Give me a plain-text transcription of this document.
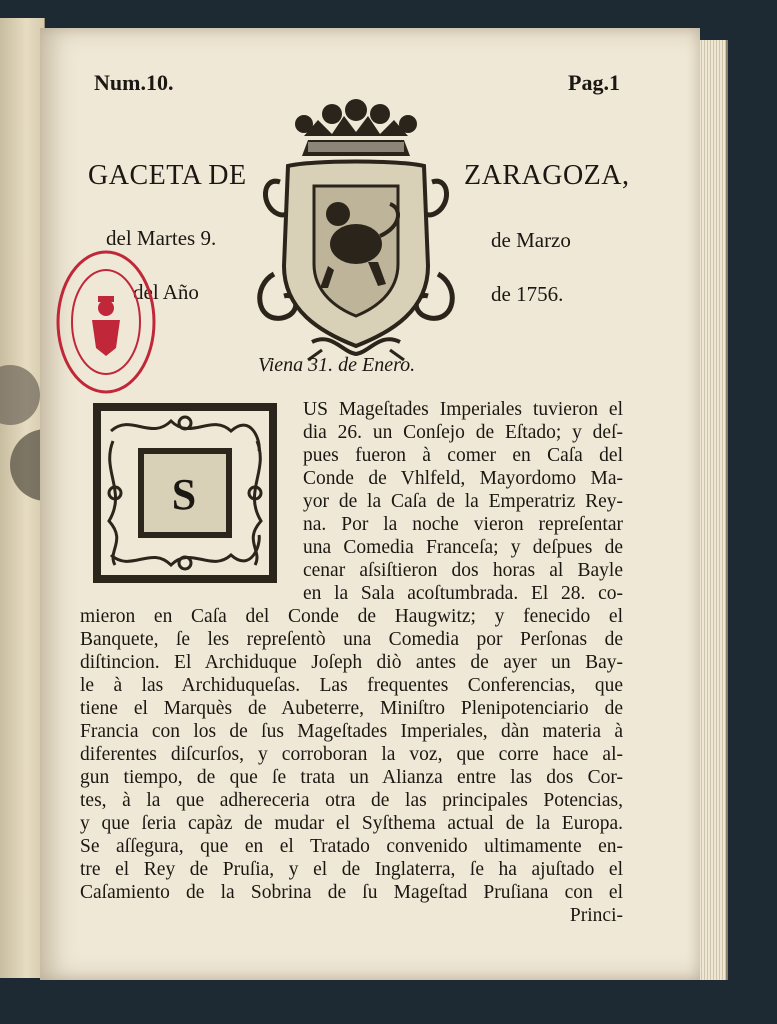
Num.10.	Pag.1
GACETA DE	ZARAGOZA,
del Martes 9.	de Marzo
del Año	de 1756.
Viena 31. de Enero.
S
US Mageſtades Imperiales tuvieron el
dia 26. un Conſejo de Eſtado; y deſ-
pues fueron à comer en Caſa del
Conde de Vhlfeld, Mayordomo Ma-
yor de la Caſa de la Emperatriz Rey-
na. Por la noche vieron repreſentar
una Comedia Franceſa; y deſpues de
cenar aſsiſtieron dos horas al Bayle
en la Sala acoſtumbrada. El 28. co-
mieron en Caſa del Conde de Haugwitz; y fenecido el
Banquete, ſe les repreſentò una Comedia por Perſonas de
diſtincion. El Archiduque Joſeph diò antes de ayer un Bay-
le à las Archiduqueſas. Las frequentes Conferencias, que
tiene el Marquès de Aubeterre, Miniſtro Plenipotenciario de
Francia con los de ſus Mageſtades Imperiales, dàn materia à
diferentes diſcurſos, y corroboran la voz, que corre hace al-
gun tiempo, de que ſe trata un Alianza entre las dos Cor-
tes, à la que adhereceria otra de las principales Potencias,
y que ſeria capàz de mudar el Syſthema actual de la Europa.
Se aſſegura, que en el Tratado convenido ultimamente en-
tre el Rey de Pruſia, y el de Inglaterra, ſe ha ajuſtado el
Caſamiento de la Sobrina de ſu Mageſtad Pruſiana con el
Princi-
